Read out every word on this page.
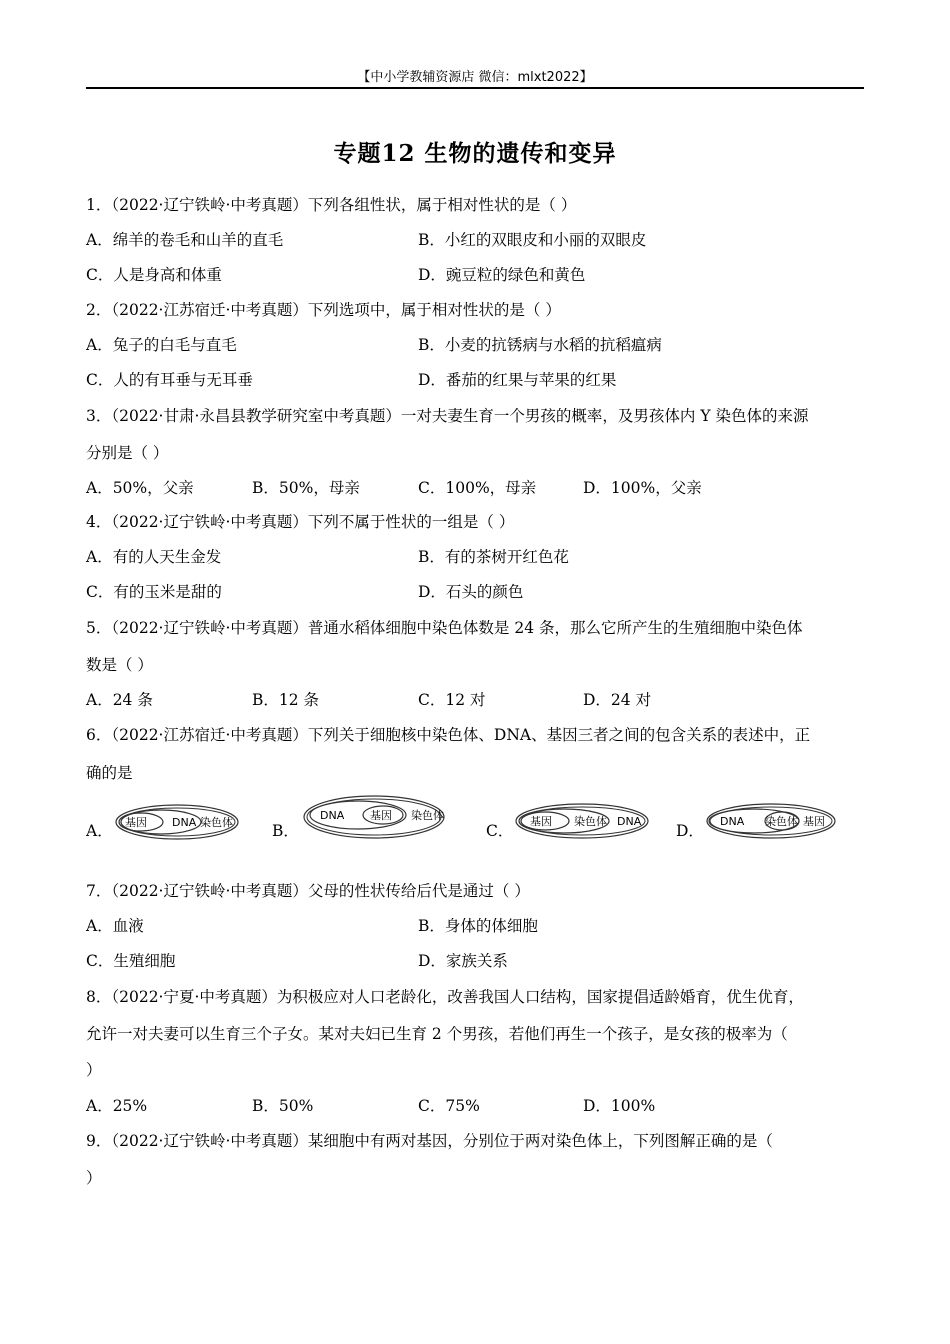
【中小学教辅资源店 微信：mlxt2022】
专题12 生物的遗传和变异
1．（2022·辽宁铁岭·中考真题）下列各组性状，属于相对性状的是（ ）
A．绵羊的卷毛和山羊的直毛	B．小红的双眼皮和小丽的双眼皮
C．人是身高和体重	D．豌豆粒的绿色和黄色
2．（2022·江苏宿迁·中考真题）下列选项中，属于相对性状的是（ ）
A．兔子的白毛与直毛	B．小麦的抗锈病与水稻的抗稻瘟病
C．人的有耳垂与无耳垂	D．番茄的红果与苹果的红果
3．（2022·甘肃·永昌县教学研究室中考真题）一对夫妻生育一个男孩的概率，及男孩体内 Y 染色体的来源
分别是（ ）
A．50%，父亲	B．50%，母亲	C．100%，母亲	D．100%，父亲
4．（2022·辽宁铁岭·中考真题）下列不属于性状的一组是（ ）
A．有的人天生金发	B．有的茶树开红色花
C．有的玉米是甜的	D．石头的颜色
5．（2022·辽宁铁岭·中考真题）普通水稻体细胞中染色体数是 24 条，那么它所产生的生殖细胞中染色体
数是（ ）
A．24 条	B．12 条	C．12 对	D．24 对
6．（2022·江苏宿迁·中考真题）下列关于细胞核中染色体、DNA、基因三者之间的包含关系的表述中，正
确的是
A．	B．	C．	D．
基因 DNA 染色体
DNA 基因 染色体	基因 染色体 DNA	DNA 染色体 基因
7．（2022·辽宁铁岭·中考真题）父母的性状传给后代是通过（ ）
A．血液	B．身体的体细胞
C．生殖细胞	D．家族关系
8．（2022·宁夏·中考真题）为积极应对人口老龄化，改善我国人口结构，国家提倡适龄婚育，优生优育，
允许一对夫妻可以生育三个子女。某对夫妇已生育 2 个男孩，若他们再生一个孩子，是女孩的极率为（
）
A．25%	B．50%	C．75%	D．100%
9．（2022·辽宁铁岭·中考真题）某细胞中有两对基因，分别位于两对染色体上，下列图解正确的是（
）
